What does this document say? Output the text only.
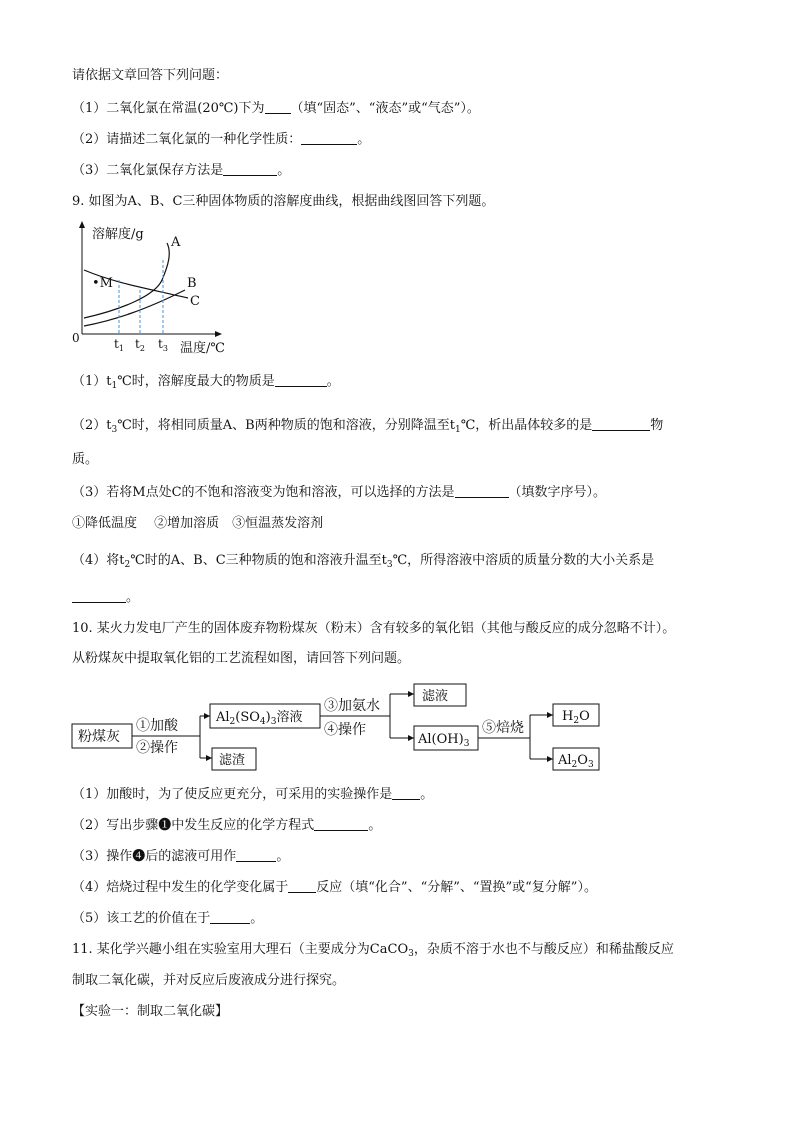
请依据文章回答下列问题：
（1）二氧化氯在常温(20℃)下为 （填“固态”、“液态”或“气态”）。
（2）请描述二氧化氯的一种化学性质：	。
（3）二氧化氯保存方法是	。
9. 如图为A、B、C三种固体物质的溶解度曲线，根据曲线图回答下列题。
溶解度/g
A
B
C
•M
0	$t_1$ $t_2$ $t_3$ 温度/℃
$(1)t_1℃$时，溶解度最大的物质是	。
$(2)t_3℃$时，将相同质量A、B两种物质的饱和溶液，分别降温至$t_1℃$，析出晶体较多的是	物
质。
（3）若将M点处C的不饱和溶液变为饱和溶液，可以选择的方法是	（填数字序号）。
①降低温度　 ②增加溶质　③恒温蒸发溶剂
（4）将$t_2℃$时的A、B、C三种物质的饱和溶液升温至$t_3℃$，所得溶液中溶质的质量分数的大小关系是
。
10. 某火力发电厂产生的固体废弃物粉煤灰（粉末）含有较多的氧化铝（其他与酸反应的成分忽略不计）。
从粉煤灰中提取氧化铝的工艺流程如图，请回答下列问题。
粉煤灰
①加酸
②操作
$Al_2(SO_4)_3$溶液
滤渣
③加氨水
④操作
滤液
$Al(OH)_3$
⑤焙烧
$H_2O$
$Al_2O_3$
（1）加酸时，为了使反应更充分，可采用的实验操作是 。
（2）写出步骤❶中发生反应的化学方程式	。
（3）操作❹后的滤液可用作	。
（4）焙烧过程中发生的化学变化属于 反应（填“化合”、“分解”、“置换”或“复分解”）。
（5）该工艺的价值在于	。
11. 某化学兴趣小组在实验室用大理石（主要成分为CaCO$_3$，杂质不溶于水也不与酸反应）和稀盐酸反应
制取二氧化碳，并对反应后废液成分进行探究。
【实验一：制取二氧化碳】
